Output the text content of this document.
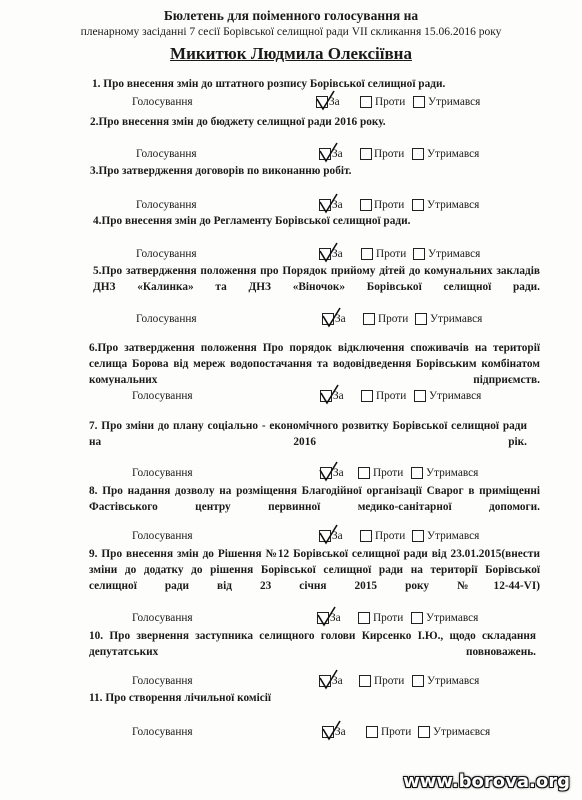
Бюлетень для поіменного голосування на
пленарному засіданні 7 сесії Борівської селищної ради VII скликання 15.06.2016 року
Микитюк Людмила Олексіївна
1. Про внесення змін до штатного розпису Борівської селищної ради.
2.Про внесення змін до бюджету селищної ради 2016 року.
3.Про затвердження договорів по виконанню робіт.
4.Про внесення змін до Регламенту Борівської селищної ради.
5.Про затвердження положення про Порядок прийому дітей до комунальних закладів ДНЗ «Калинка» та ДНЗ «Віночок» Борівської селищної ради.
6.Про затвердження положення Про порядок відключення споживачів на території селища Борова від мереж водопостачання та водовідведення Борівським комбінатом комунальних підприємств.
7. Про зміни до плану соціально - економічного розвитку Борівської селищної ради на 2016 рік.
8. Про надання дозволу на розміщення Благодійної організації Сварог в приміщенні Фастівського центру первинної медико-санітарної допомоги.
9. Про внесення змін до Рішення №12 Борівської селищної ради від 23.01.2015(внести зміни до додатку до рішення Борівської селищної ради на території Борівської селищної ради від 23 січня 2015 року №12-44-VI)
10. Про звернення заступника селищного голови Кирсенко І.Ю., щодо складання депутатських повноважень.
11. Про створення лічильної комісії
Голосування	За	Проти Утримався
Голосування	За	Проти Утримався
Голосування	За	Проти Утримався
Голосування	За	Проти Утримався
Голосування	За	Проти Утримався
Голосування	За	Проти Утримався
Голосування	За	Проти Утримався
Голосування	За	Проти Утримався
Голосування	За	Проти Утримався
Голосування	За	Проти Утримався
Голосування	За	Проти Утримаєвся
www.borova.org
